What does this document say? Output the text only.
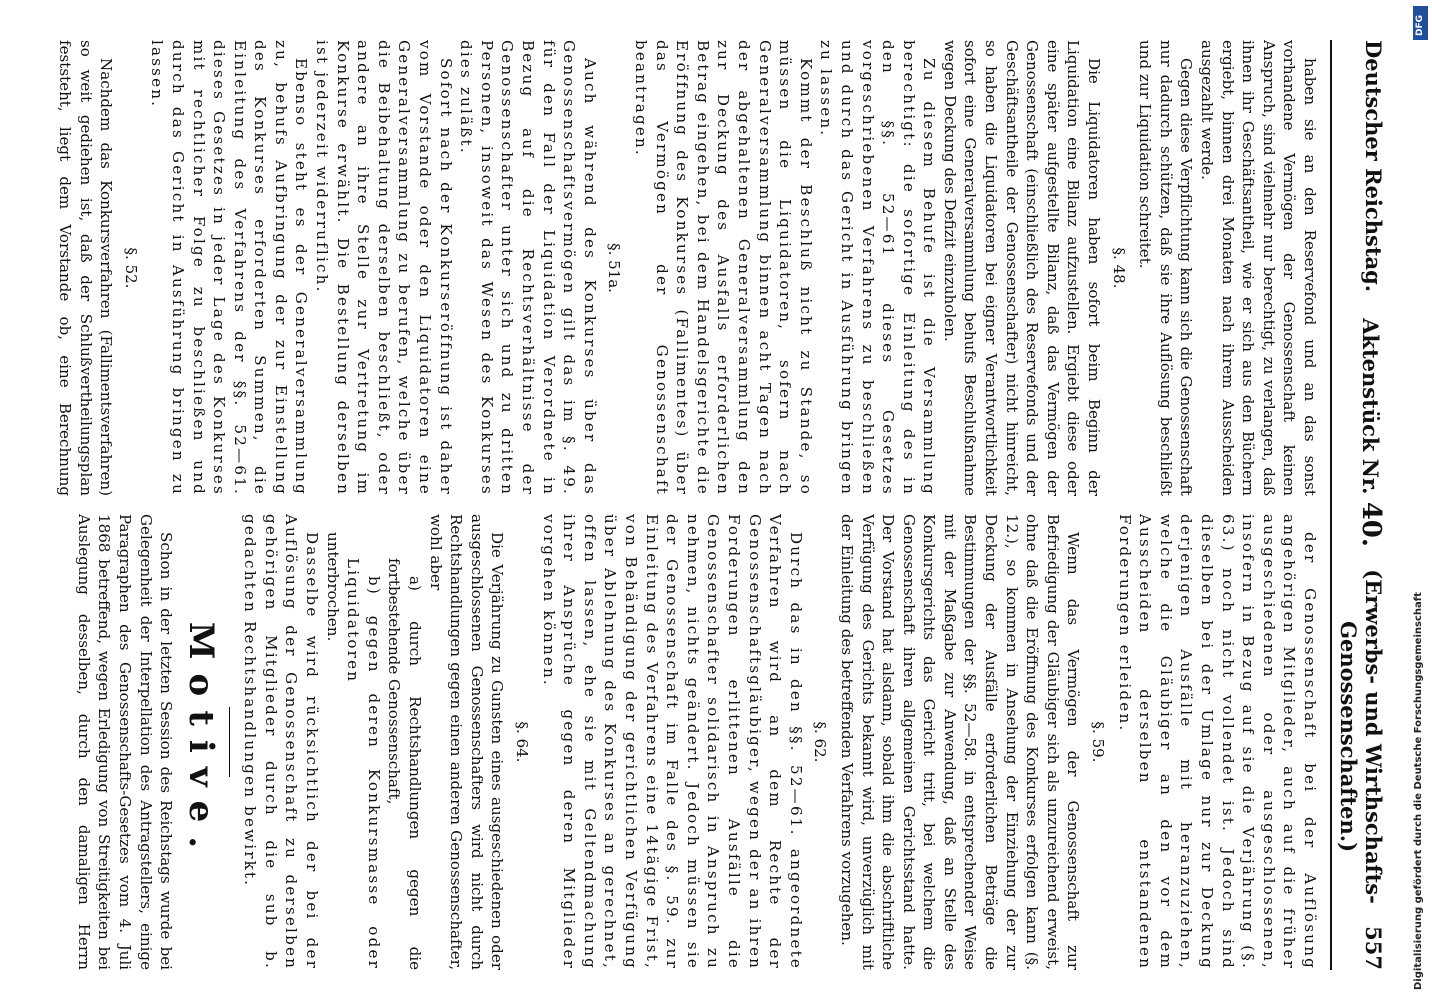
Deutscher Reichstag.
Aktenstück Nr. 40.
(Erwerbs- und Wirthschafts-Genossenschaften.)
557

haben sie an den Reservefond und an das sonst vorhandene Vermögen der Genossenschaft keinen Anspruch, sind vielmehr nur berechtigt, zu verlangen, daß ihnen ihr Geschäftsantheil, wie er sich aus den Büchern ergiebt, binnen drei Monaten nach ihrem Ausscheiden ausgezahlt werde.

Gegen diese Verpflichtung kann sich die Genossenschaft nur dadurch schützen, daß sie ihre Auflösung beschließt und zur Liquidation schreitet.

§. 48.

Die Liquidatoren haben sofort beim Beginn der Liquidation eine Bilanz aufzustellen. Ergiebt diese oder eine später aufgestellte Bilanz, daß das Vermögen der Genossenschaft (einschließlich des Reservefonds und der Geschäftsantheile der Genossenschafter) nicht hinreicht, so haben die Liquidatoren bei eigner Verantwortlichkeit sofort eine Generalversammlung behufs Beschlußnahme wegen Deckung des Defizit einzuholen.

Zu diesem Behufe ist die Versammlung berechtigt: die sofortige Einleitung des in den §§. 52—61 dieses Gesetzes vorgeschriebenen Verfahrens zu beschließen und durch das Gericht in Ausführung bringen zu lassen.

Kommt der Beschluß nicht zu Stande, so müssen die Liquidatoren, sofern nach Generalversammlung binnen acht Tagen nach der abgehaltenen Generalversammlung den zur Deckung des Ausfalls erforderlichen Betrag eingehen, bei dem Handelsgerichte die Eröffnung des Konkurses (Fallimentes) über das Vermögen der Genossenschaft beantragen.

§. 51a.

Auch während des Konkurses über das Genossenschaftsvermögen gilt das im §. 49. für den Fall der Liquidation Verordnete in Bezug auf die Rechtsverhältnisse der Genossenschafter unter sich und zu dritten Personen, insoweit das Wesen des Konkurses dies zuläßt.

Sofort nach der Konkurseröffnung ist daher vom Vorstande oder den Liquidatoren eine Generalversammlung zu berufen, welche über die Beibehaltung derselben beschließt, oder andere an ihre Stelle zur Vertretung im Konkurse erwählt. Die Bestellung derselben ist jederzeit widerruflich.

Ebenso steht es der Generalversammlung zu, behufs Aufbringung der zur Einstellung des Konkurses erforderten Summen, die Einleitung des Verfahrens der §§. 52—61. dieses Gesetzes in jeder Lage des Konkurses mit rechtlicher Folge zu beschließen und durch das Gericht in Ausführung bringen zu lassen.

§. 52.

Nachdem das Konkursverfahren (Fallimentsverfahren) so weit gediehen ist, daß der Schlußvertheilungsplan feststeht, liegt dem Vorstande ob, eine Berechnung

der Genossenschaft bei der Auflösung angehörigen Mitglieder, auch auf die früher ausgeschiedenen oder ausgeschlossenen, insofern in Bezug auf sie die Verjährung (§. 63.) noch nicht vollendet ist. Jedoch sind dieselben bei der Umlage nur zur Deckung derjenigen Ausfälle mit heranzuziehen, welche die Gläubiger an den vor dem Ausscheiden derselben entstandenen Forderungen erleiden.

§. 59.

Wenn das Vermögen der Genossenschaft zur Befriedigung der Gläubiger sich als unzureichend erweist, ohne daß die Eröffnung des Konkurses erfolgen kann (§. 12.), so kommen in Ansehung der Einziehung der zur Deckung der Ausfälle erforderlichen Beträge die Bestimmungen der §§. 52—58. in entsprechender Weise mit der Maßgabe zur Anwendung, daß an Stelle des Konkursgerichts das Gericht tritt, bei welchem die Genossenschaft ihren allgemeinen Gerichtsstand hatte. Der Vorstand hat alsdann, sobald ihm die abschriftliche Verfügung des Gerichts bekannt wird, unverzüglich mit der Einleitung des betreffenden Verfahrens vorzugehen.

§. 62.

Durch das in den §§. 52—61. angeordnete Verfahren wird an dem Rechte der Genossenschaftsgläubiger, wegen der an ihren Forderungen erlittenen Ausfälle die Genossenschafter solidarisch in Anspruch zu nehmen, nichts geändert. Jedoch müssen sie der Genossenschaft im Falle des §. 59. zur Einleitung des Verfahrens eine 14tägige Frist, von Behändigung der gerichtlichen Verfügung über Ablehnung des Konkurses an gerechnet, offen lassen, ehe sie mit Geltendmachung ihrer Ansprüche gegen deren Mitglieder vorgehen können.

§. 64.

Die Verjährung zu Gunsten eines ausgeschiedenen oder ausgeschlossenen Genossenschafters wird nicht durch Rechtshandlungen gegen einen anderen Genossenschafter, wohl aber

a) durch Rechtshandlungen gegen die fortbestehende Genossenschaft,

b) gegen deren Konkursmasse oder Liquidatoren

unterbrochen.

Dasselbe wird rücksichtlich der bei der Auflösung der Genossenschaft zu derselben gehörigen Mitglieder durch die sub b. gedachten Rechtshandlungen bewirkt.

Motive.

Schon in der letzten Session des Reichstags wurde bei Gelegenheit der Interpellation des Antragstellers, einige Paragraphen des Genossenschafts-Gesetzes vom 4. Juli 1868 betreffend, wegen Erledigung von Streitigkeiten bei Auslegung desselben, durch den damaligen Herrn	Digitalisierung gefördert durch die Deutsche Forschungsgemeinschaft
DFG
